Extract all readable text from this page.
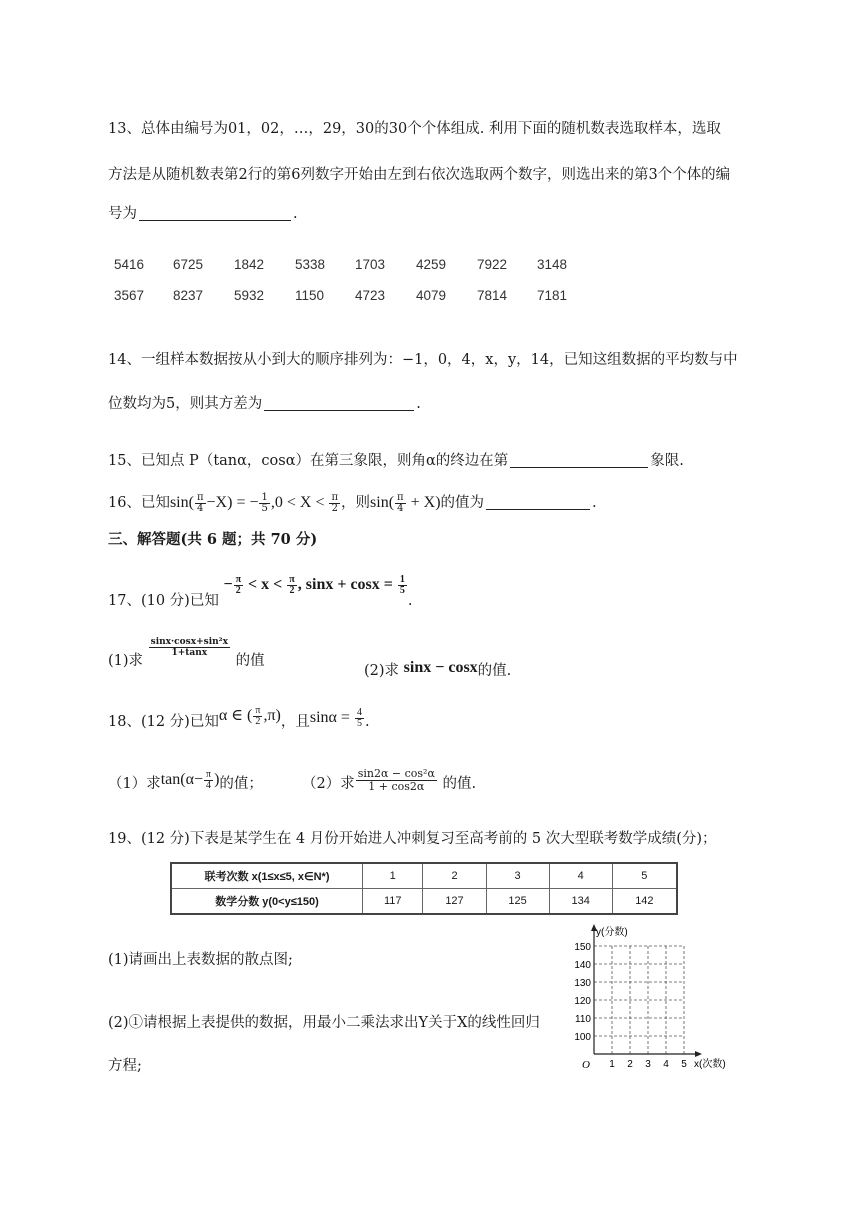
13、总体由编号为01，02，…，29，30的30个个体组成. 利用下面的随机数表选取样本，选取
方法是从随机数表第2行的第6列数字开始由左到右依次选取两个数字，则选出来的第3个个体的编
号为	.
5416 6725 1842 5338 1703 4259 7922 3148
3567 8237 5932 1150 4723 4079 7814 7181
14、一组样本数据按从小到大的顺序排列为：−1，0，4，x，y，14，已知这组数据的平均数与中
位数均为5，则其方差为	.
15、已知点 P（tanα，cosα）在第三象限，则角α的终边在第	象限.
16、已知$\sin( \frac{\pi}{4} -X)$ = − $\frac{1}{5} ,0 < X < \frac{\pi}{2}$ ，则$\sin( \frac{\pi}{4} + X)$的值为	.
三、解答题(共 6 题；共 70 分)
17、(10 分)已知 − $\frac{\pi}{2} < x < \frac{\pi}{2}$ , $\sin x + \cos x = \frac{1}{5}$
.
(1)求
$\frac{\text{sinx·cosx+sin²x}}{1+\tan x}$
的值
(2)求 sinx − cosx的值.
18、(12 分)已知α ∈ ( $\frac{\pi}{2} ,\pi$)，且$\sin\alpha = \frac{4}{5}$ .
（1）求$\tan(\alpha- \frac{\pi}{4}$ )的值；	（2）求 $\frac{\text{sin2α − cos²α}}{1 + \cos 2\alpha}$ 的值.
19、(12 分)下表是某学生在 4 月份开始进人冲刺复习至高考前的 5 次大型联考数学成绩(分)；
联考次数 x(1≤x≤5, x∈N*)	1	2	3	4	5
数学分数 y(0<y≤150)	117	127	125	134	142
(1)请画出上表数据的散点图;
(2)①请根据上表提供的数据，用最小二乘法求出Y关于X的线性回归
方程;
y(分数)
x(次数)
O
150
140
130
120
110
100
1 2 3 4 5
